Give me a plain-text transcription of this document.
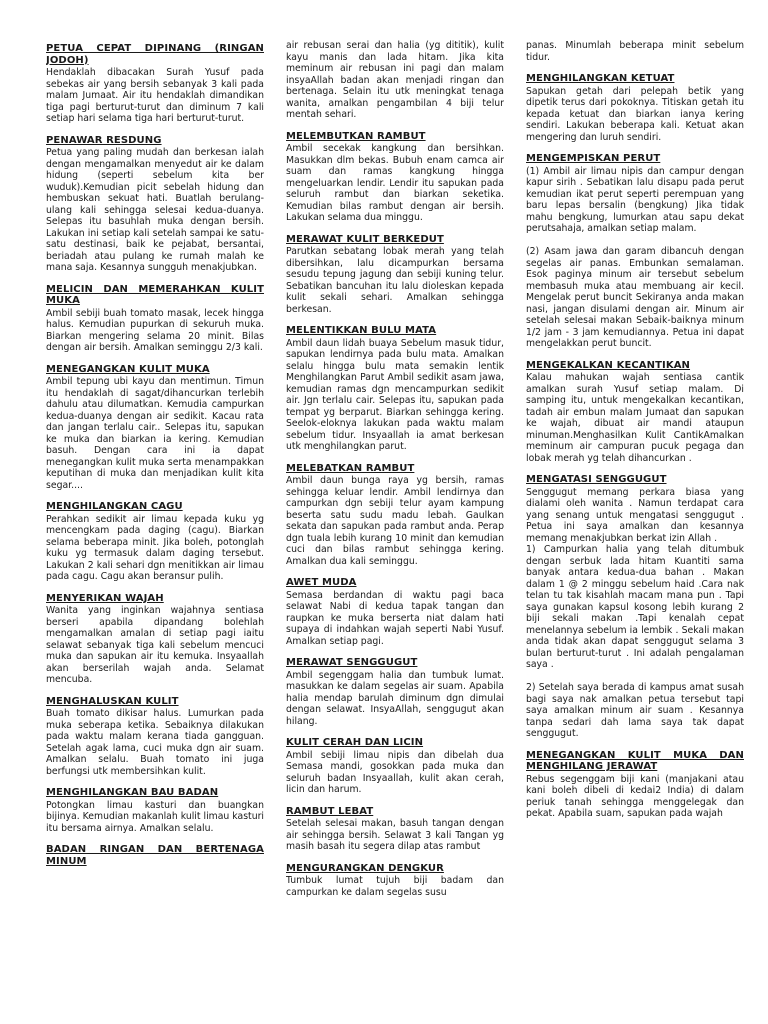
PETUA CEPAT DIPINANG (RINGAN JODOH)

Hendaklah dibacakan Surah Yusuf pada sebekas air yang bersih sebanyak 3 kali pada malam Jumaat. Air itu hendaklah dimandikan tiga pagi berturut-turut dan diminum 7 kali setiap hari selama tiga hari berturut-turut.

PENAWAR RESDUNG

Petua yang paling mudah dan berkesan ialah dengan mengamalkan menyedut air ke dalam hidung (seperti sebelum kita ber wuduk).Kemudian picit sebelah hidung dan hembuskan sekuat hati. Buatlah berulang-ulang kali sehingga selesai kedua-duanya. Selepas itu basuhlah muka dengan bersih. Lakukan ini setiap kali setelah sampai ke satu-satu destinasi, baik ke pejabat, bersantai, beriadah atau pulang ke rumah malah ke mana saja. Kesannya sungguh menakjubkan.

MELICIN DAN MEMERAHKAN KULIT MUKA

Ambil sebiji buah tomato masak, lecek hingga halus. Kemudian pupurkan di sekuruh muka. Biarkan mengering selama 20 minit. Bilas dengan air bersih. Amalkan seminggu 2/3 kali.

MENEGANGKAN KULIT MUKA

Ambil tepung ubi kayu dan mentimun. Timun itu hendaklah di sagat/dihancurkan terlebih dahulu atau dilumatkan. Kemudia campurkan kedua-duanya dengan air sedikit. Kacau rata dan jangan terlalu cair.. Selepas itu, sapukan ke muka dan biarkan ia kering. Kemudian basuh. Dengan cara ini ia dapat menegangkan kulit muka serta menampakkan keputihan di muka dan menjadikan kulit kita segar....

MENGHILANGKAN CAGU

Perahkan sedikit air limau kepada kuku yg mencengkam pada daging (cagu). Biarkan selama beberapa minit. Jika boleh, potonglah kuku yg termasuk dalam daging tersebut. Lakukan 2 kali sehari dgn menitikkan air limau pada cagu. Cagu akan beransur pulih.

MENYERIKAN WAJAH

Wanita yang inginkan wajahnya sentiasa berseri apabila dipandang bolehlah mengamalkan amalan di setiap pagi iaitu selawat sebanyak tiga kali sebelum mencuci muka dan sapukan air itu kemuka. Insyaallah akan berserilah wajah anda. Selamat mencuba.

MENGHALUSKAN KULIT

Buah tomato dikisar halus. Lumurkan pada muka seberapa ketika. Sebaiknya dilakukan pada waktu malam kerana tiada gangguan. Setelah agak lama, cuci muka dgn air suam. Amalkan selalu. Buah tomato ini juga berfungsi utk membersihkan kulit.

MENGHILANGKAN BAU BADAN

Potongkan limau kasturi dan buangkan bijinya. Kemudian makanlah kulit limau kasturi itu bersama airnya. Amalkan selalu.

BADAN RINGAN DAN BERTENAGA MINUM

air rebusan serai dan halia (yg dititik), kulit kayu manis dan lada hitam. Jika kita meminum air rebusan ini pagi dan malam insyaAllah badan akan menjadi ringan dan bertenaga. Selain itu utk meningkat tenaga wanita, amalkan pengambilan 4 biji telur mentah sehari.

MELEMBUTKAN RAMBUT

Ambil secekak kangkung dan bersihkan. Masukkan dlm bekas. Bubuh enam camca air suam dan ramas kangkung hingga mengeluarkan lendir. Lendir itu sapukan pada seluruh rambut dan biarkan seketika. Kemudian bilas rambut dengan air bersih. Lakukan selama dua minggu.

MERAWAT KULIT BERKEDUT

Parutkan sebatang lobak merah yang telah dibersihkan, lalu dicampurkan bersama sesudu tepung jagung dan sebiji kuning telur. Sebatikan bancuhan itu lalu dioleskan kepada kulit sekali sehari. Amalkan sehingga berkesan.

MELENTIKKAN BULU MATA

Ambil daun lidah buaya Sebelum masuk tidur, sapukan lendirnya pada bulu mata. Amalkan selalu hingga bulu mata semakin lentik Menghilangkan Parut Ambil sedikit asam jawa, kemudian ramas dgn mencampurkan sedikit air. Jgn terlalu cair. Selepas itu, sapukan pada tempat yg berparut. Biarkan sehingga kering. Seelok-eloknya lakukan pada waktu malam sebelum tidur. Insyaallah ia amat berkesan utk menghilangkan parut.

MELEBATKAN RAMBUT

Ambil daun bunga raya yg bersih, ramas sehingga keluar lendir. Ambil lendirnya dan campurkan dgn sebiji telur ayam kampung beserta satu sudu madu lebah. Gaulkan sekata dan sapukan pada rambut anda. Perap dgn tuala lebih kurang 10 minit dan kemudian cuci dan bilas rambut sehingga kering. Amalkan dua kali seminggu.

AWET MUDA

Semasa berdandan di waktu pagi baca selawat Nabi di kedua tapak tangan dan raupkan ke muka berserta niat dalam hati supaya di indahkan wajah seperti Nabi Yusuf. Amalkan setiap pagi.

MERAWAT SENGGUGUT

Ambil segenggam halia dan tumbuk lumat. masukkan ke dalam segelas air suam. Apabila halia mendap barulah diminum dgn dimulai dengan selawat. InsyaAllah, senggugut akan hilang.

KULIT CERAH DAN LICIN

Ambil sebiji limau nipis dan dibelah dua Semasa mandi, gosokkan pada muka dan seluruh badan Insyaallah, kulit akan cerah, licin dan harum.

RAMBUT LEBAT

Setelah selesai makan, basuh tangan dengan air sehingga bersih. Selawat 3 kali Tangan yg masih basah itu segera dilap atas rambut

MENGURANGKAN DENGKUR

Tumbuk lumat tujuh biji badam dan campurkan ke dalam segelas susu

panas. Minumlah beberapa minit sebelum tidur.

MENGHILANGKAN KETUAT

Sapukan getah dari pelepah betik yang dipetik terus dari pokoknya. Titiskan getah itu kepada ketuat dan biarkan ianya kering sendiri. Lakukan beberapa kali. Ketuat akan mengering dan luruh sendiri.

MENGEMPISKAN PERUT

(1) Ambil air limau nipis dan campur dengan kapur sirih . Sebatikan lalu disapu pada perut kemudian ikat perut seperti perempuan yang baru lepas bersalin (bengkung) Jika tidak mahu bengkung, lumurkan atau sapu dekat perutsahaja, amalkan setiap malam.

(2) Asam jawa dan garam dibancuh dengan segelas air panas. Embunkan semalaman. Esok paginya minum air tersebut sebelum membasuh muka atau membuang air kecil. Mengelak perut buncit Sekiranya anda makan nasi, jangan disulami dengan air. Minum air setelah selesai makan Sebaik-baiknya minum 1/2 jam - 3 jam kemudiannya. Petua ini dapat mengelakkan perut buncit.

MENGEKALKAN KECANTIKAN

Kalau mahukan wajah sentiasa cantik amalkan surah Yusuf setiap malam. Di samping itu, untuk mengekalkan kecantikan, tadah air embun malam Jumaat dan sapukan ke wajah, dibuat air mandi ataupun minuman.Menghasilkan Kulit CantikAmalkan meminum air campuran pucuk pegaga dan lobak merah yg telah dihancurkan .

MENGATASI SENGGUGUT

Senggugut memang perkara biasa yang dialami oleh wanita . Namun terdapat cara yang senang untuk mengatasi senggugut . Petua ini saya amalkan dan kesannya memang menakjubkan berkat izin Allah .
1) Campurkan halia yang telah ditumbuk dengan serbuk lada hitam Kuantiti sama banyak antara kedua-dua bahan . Makan dalam 1 @ 2 minggu sebelum haid .Cara nak telan tu tak kisahlah macam mana pun . Tapi saya gunakan kapsul kosong lebih kurang 2 biji sekali makan .Tapi kenalah cepat menelannya sebelum ia lembik . Sekali makan anda tidak akan dapat senggugut selama 3 bulan berturut-turut . Ini adalah pengalaman saya .

2) Setelah saya berada di kampus amat susah bagi saya nak amalkan petua tersebut tapi saya amalkan minum air suam . Kesannya tanpa sedari dah lama saya tak dapat senggugut.

MENEGANGKAN KULIT MUKA DAN MENGHILANG JERAWAT

Rebus segenggam biji kani (manjakani atau kani boleh dibeli di kedai2 India) di dalam periuk tanah sehingga menggelegak dan pekat. Apabila suam, sapukan pada wajah
